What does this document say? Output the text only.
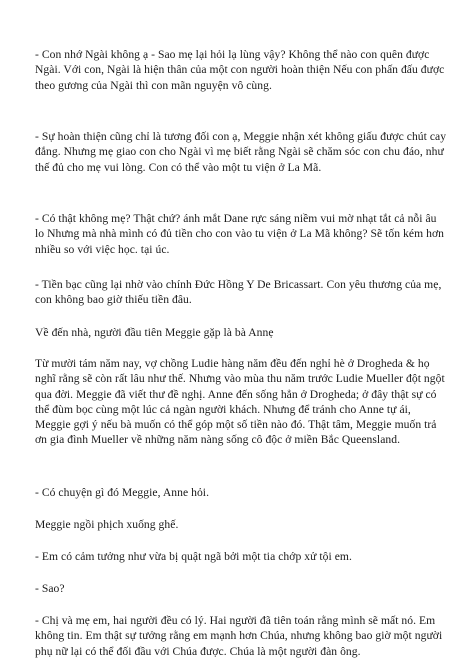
- Con nhớ Ngài không ạ - Sao mẹ lại hỏi lạ lùng vậy? Không thể nào con quên được Ngài. Với con, Ngài là hiện thân của một con người hoàn thiện Nếu con phấn đấu được theo gương của Ngài thì con mãn nguyện vô cùng.

- Sự hoàn thiện cũng chỉ là tương đối con ạ, Meggie nhận xét không giấu được chút cay đắng. Nhưng mẹ giao con cho Ngài vì mẹ biết rằng Ngài sẽ chăm sóc con chu đáo, như thế đủ cho mẹ vui lòng. Con có thể vào một tu viện ở La Mã.

- Có thật không mẹ? Thật chứ? ánh mắt Dane rực sáng niềm vui mờ nhạt tắt cả nỗi âu lo Nhưng mà nhà mình có đủ tiền cho con vào tu viện ở La Mã không? Sẽ tốn kém hơn nhiều so với việc học. tại úc.

- Tiền bạc cũng lại nhờ vào chính Đức Hồng Y De Bricassart. Con yêu thương của mẹ, con không bao giờ thiếu tiền đâu.

Về đến nhà, người đầu tiên Meggie gặp là bà Annẹ

Từ mười tám năm nay, vợ chồng Ludie hàng năm đều đến nghỉ hè ở Drogheda & họ nghĩ rằng sẽ còn rất lâu như thế. Nhưng vào mùa thu năm trước Ludie Mueller đột ngột qua đời. Meggie đã viết thư đề nghị. Anne đến sống hẳn ở Drogheda; ở đây thật sự có thể đùm bọc cùng một lúc cả ngàn người khách. Nhưng để tránh cho Anne tự ái, Meggie gợi ý nếu bà muốn có thể góp một số tiền nào đó. Thật tâm, Meggie muốn trả ơn gia đình Mueller về những năm nàng sống cô độc ở miền Bắc Queensland.

- Có chuyện gì đó Meggie, Anne hỏi.

Meggie ngồi phịch xuống ghế.

- Em có cảm tưởng như vừa bị quật ngã bởi một tia chớp xử tội em.

- Sao?

- Chị và mẹ em, hai người đều có lý. Hai người đã tiên toán rằng mình sẽ mất nó. Em không tin. Em thật sự tưởng rằng em mạnh hơn Chúa, nhưng không bao giờ một người phụ nữ lại có thể đối đầu với Chúa được. Chúa là một người đàn ông.
